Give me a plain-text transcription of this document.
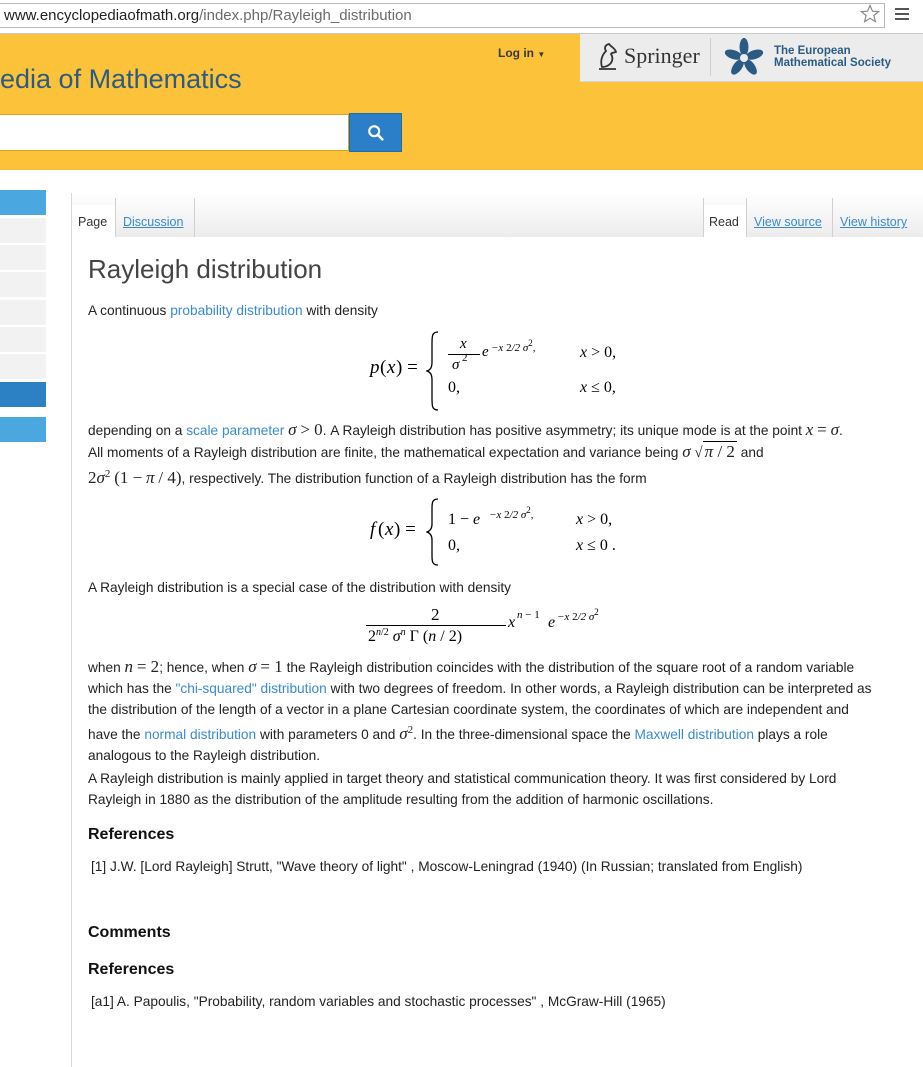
www.encyclopediaofmath.org/index.php/Rayleigh_distribution
edia of Mathematics
Log in ▼	Springer	The European
Mathematical Society
Page	Discussion	Read	View source View history
Rayleigh distribution
A continuous probability distribution with density
p ( x ) =
x
σ 2 e −x 2/2 $\sigma^2$,	x > 0,
0,	x ≤ 0,
depending on a scale parameter σ > 0. A Rayleigh distribution has positive asymmetry; its unique mode is at the point x = σ.
All moments of a Rayleigh distribution are finite, the mathematical expectation and variance being σ √ π / 2 and
$2\sigma^2$ (1 − π / 4), respectively. The distribution function of a Rayleigh distribution has the form
f ( x ) = 1 − e −x 2/2 $\sigma^2$,	x > 0,
0,	x ≤ 0 .
A Rayleigh distribution is a special case of the distribution with density
2
$2^{n/2}$ $\sigma^n$ Γ (n / 2)
x n − 1 e −x 2/2 $\sigma^2$
when n = 2; hence, when σ = 1 the Rayleigh distribution coincides with the distribution of the square root of a random variable
which has the "chi-squared" distribution with two degrees of freedom. In other words, a Rayleigh distribution can be interpreted as
the distribution of the length of a vector in a plane Cartesian coordinate system, the coordinates of which are independent and
have the normal distribution with parameters 0 and $\sigma^2$. In the three-dimensional space the Maxwell distribution plays a role
analogous to the Rayleigh distribution.
A Rayleigh distribution is mainly applied in target theory and statistical communication theory. It was first considered by Lord
Rayleigh in 1880 as the distribution of the amplitude resulting from the addition of harmonic oscillations.
References
[1] J.W. [Lord Rayleigh] Strutt, "Wave theory of light" , Moscow-Leningrad (1940) (In Russian; translated from English)
Comments
References
[a1] A. Papoulis, "Probability, random variables and stochastic processes" , McGraw-Hill (1965)
